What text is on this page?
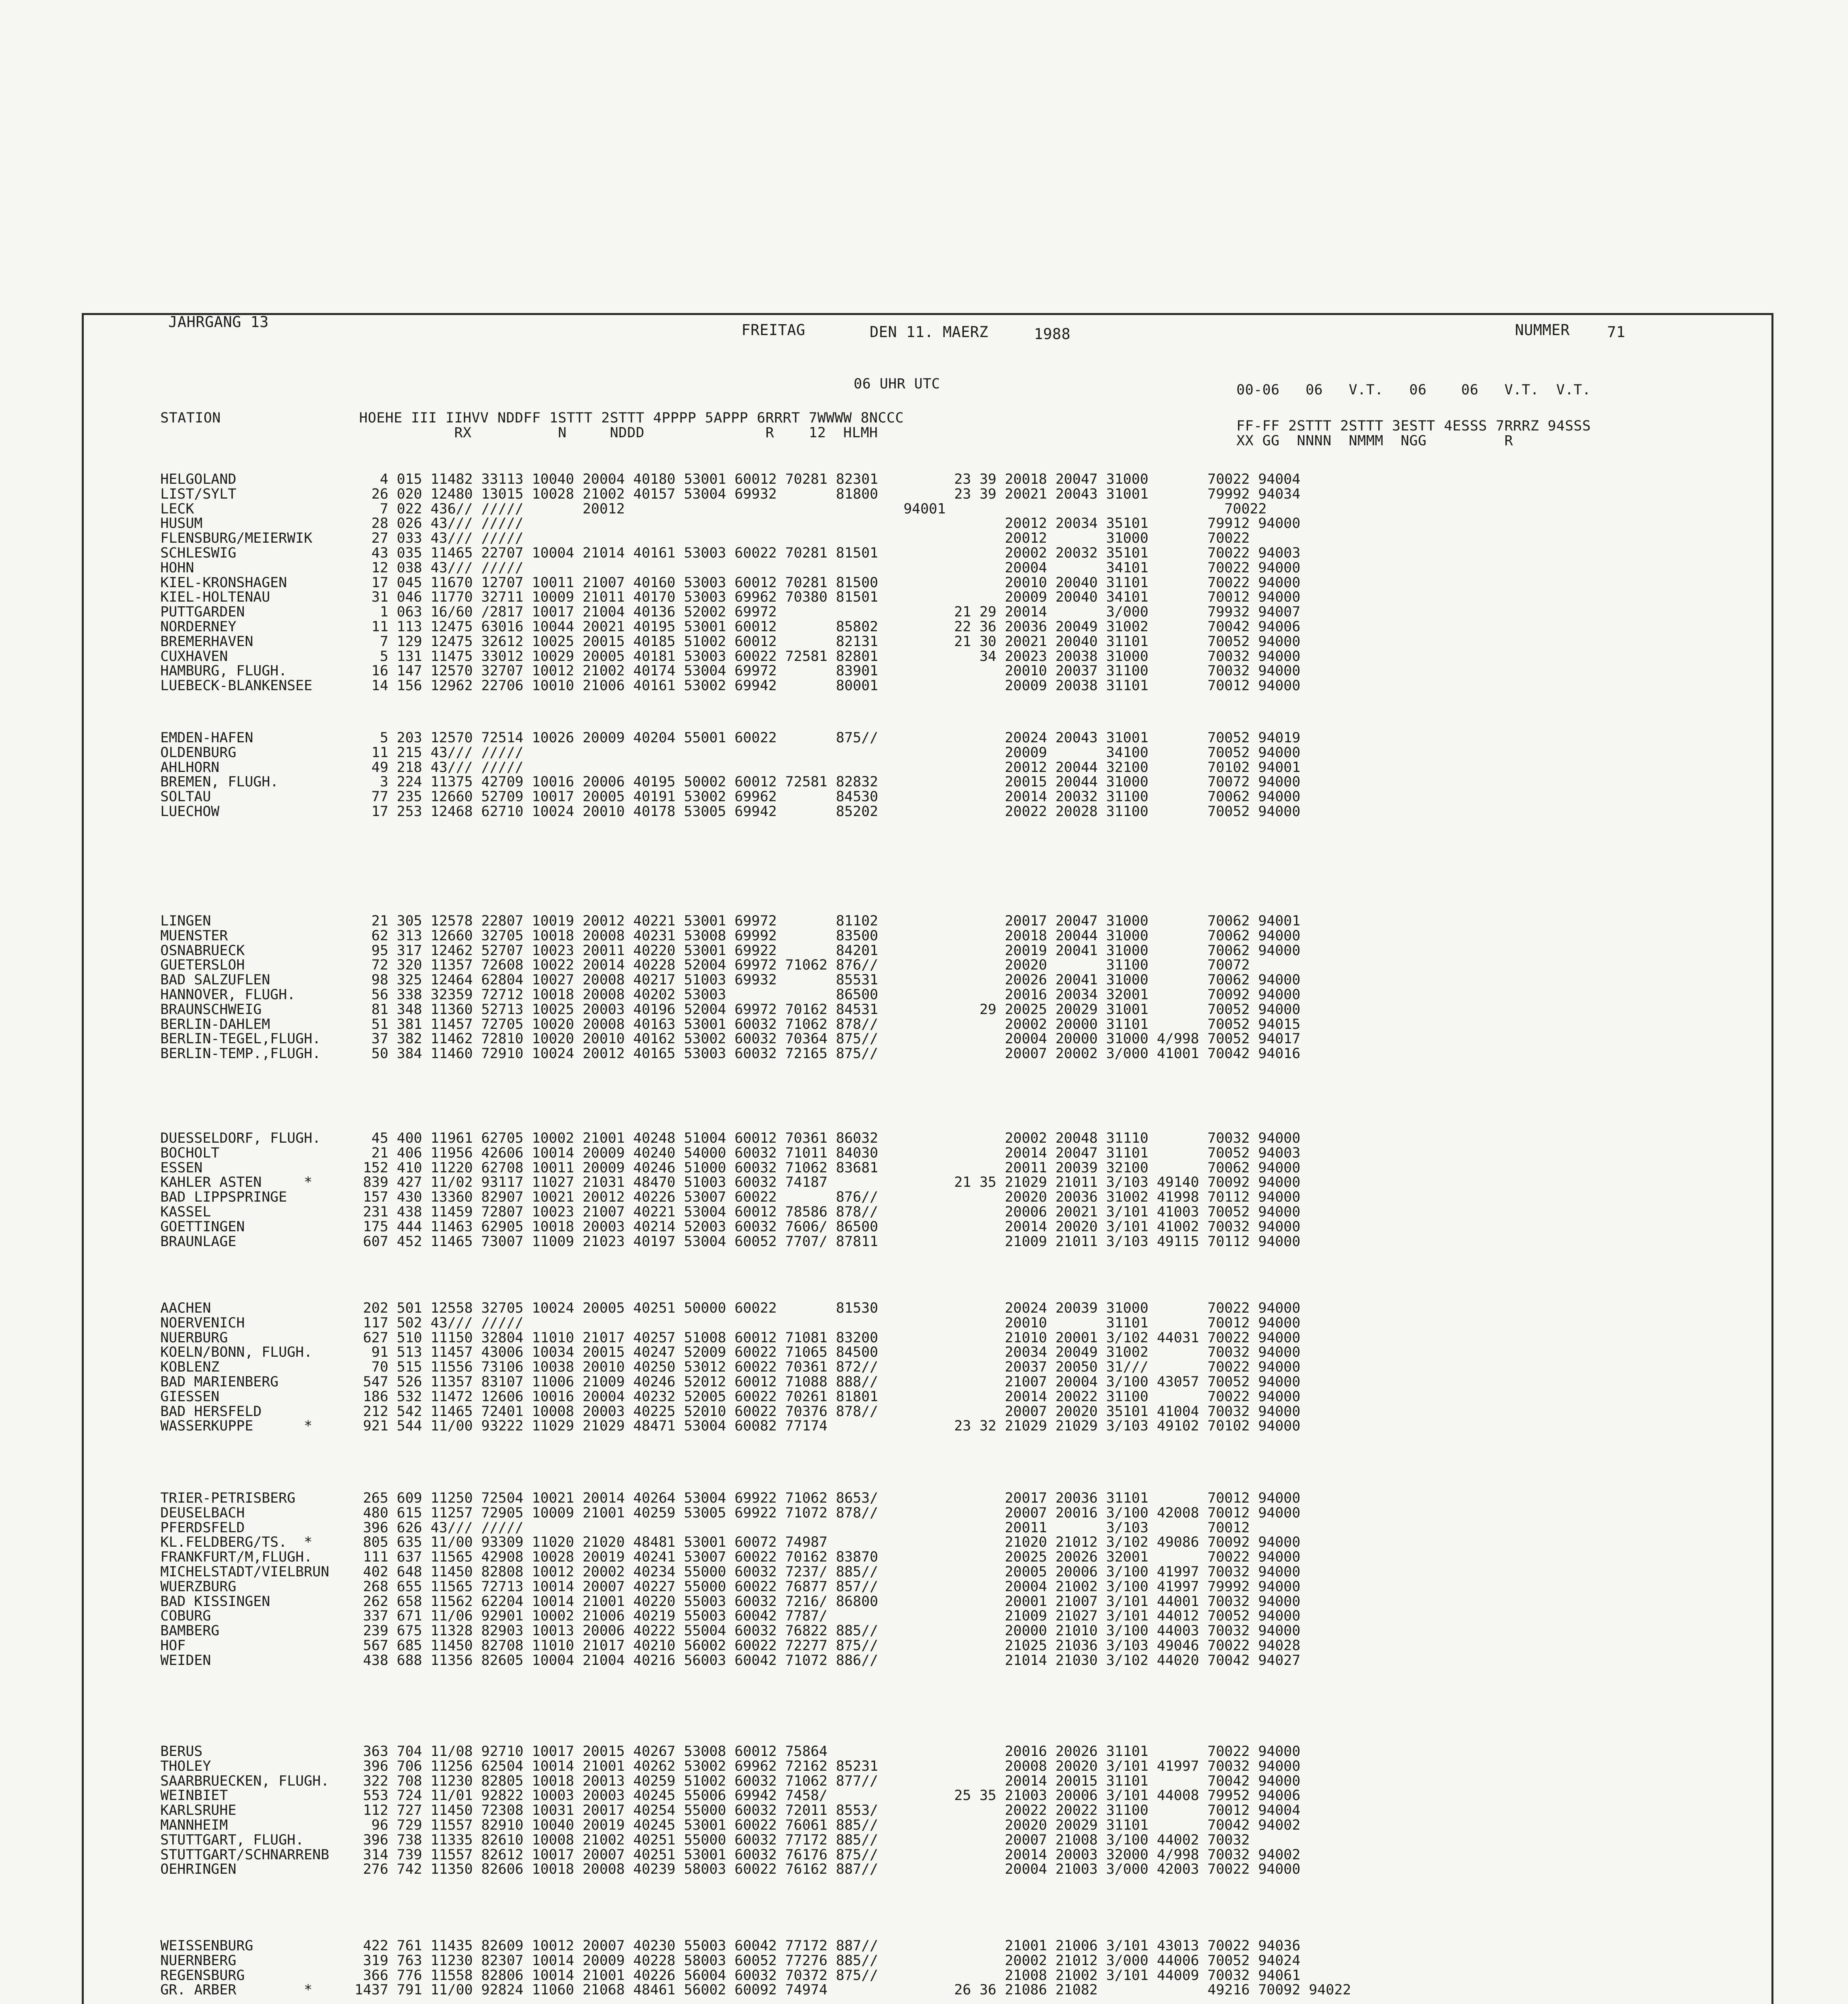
JAHRGANG 13	FREITAG	DEN 11. MAERZ	1988	NUMMER	71
06 UHR UTC	00-06   06   V.T.   06    06   V.T.  V.T.
STATION                HOEHE III IIHVV NDDFF 1STTT 2STTT 4PPPP 5APPP 6RRRT 7WWWW 8NCCC	FF-FF 2STTT 2STTT 3ESTT 4ESSS 7RRRZ 94SSS
RX          N     NDDD              R    12  HLMH	XX GG  NNNN  NMMM  NGG         R
HELGOLAND                 4 015 11482 33113 10040 20004 40180 53001 60012 70281 82301         23 39 20018 20047 31000       70022 94004
LIST/SYLT                26 020 12480 13015 10028 21002 40157 53004 69932       81800         23 39 20021 20043 31001       79992 94034
LECK                      7 022 436// /////       20012                                 94001                                 70022
HUSUM                    28 026 43/// /////                                                         20012 20034 35101       79912 94000
FLENSBURG/MEIERWIK       27 033 43/// /////                                                         20012       31000       70022
SCHLESWIG                43 035 11465 22707 10004 21014 40161 53003 60022 70281 81501               20002 20032 35101       70022 94003
HOHN                     12 038 43/// /////                                                         20004       34101       70022 94000
KIEL-KRONSHAGEN          17 045 11670 12707 10011 21007 40160 53003 60012 70281 81500               20010 20040 31101       70022 94000
KIEL-HOLTENAU            31 046 11770 32711 10009 21011 40170 53003 69962 70380 81501               20009 20040 34101       70012 94000
PUTTGARDEN                1 063 16/60 /2817 10017 21004 40136 52002 69972                     21 29 20014       3/000       79932 94007
NORDERNEY                11 113 12475 63016 10044 20021 40195 53001 60012       85802         22 36 20036 20049 31002       70042 94006
BREMERHAVEN               7 129 12475 32612 10025 20015 40185 51002 60012       82131         21 30 20021 20040 31101       70052 94000
CUXHAVEN                  5 131 11475 33012 10029 20005 40181 53003 60022 72581 82801            34 20023 20038 31000       70032 94000
HAMBURG, FLUGH.          16 147 12570 32707 10012 21002 40174 53004 69972       83901               20010 20037 31100       70032 94000
LUEBECK-BLANKENSEE       14 156 12962 22706 10010 21006 40161 53002 69942       80001               20009 20038 31101       70012 94000
EMDEN-HAFEN               5 203 12570 72514 10026 20009 40204 55001 60022       875//               20024 20043 31001       70052 94019
OLDENBURG                11 215 43/// /////                                                         20009       34100       70052 94000
AHLHORN                  49 218 43/// /////                                                         20012 20044 32100       70102 94001
BREMEN, FLUGH.            3 224 11375 42709 10016 20006 40195 50002 60012 72581 82832               20015 20044 31000       70072 94000
SOLTAU                   77 235 12660 52709 10017 20005 40191 53002 69962       84530               20014 20032 31100       70062 94000
LUECHOW                  17 253 12468 62710 10024 20010 40178 53005 69942       85202               20022 20028 31100       70052 94000
LINGEN                   21 305 12578 22807 10019 20012 40221 53001 69972       81102               20017 20047 31000       70062 94001
MUENSTER                 62 313 12660 32705 10018 20008 40231 53008 69992       83500               20018 20044 31000       70062 94000
OSNABRUECK               95 317 12462 52707 10023 20011 40220 53001 69922       84201               20019 20041 31000       70062 94000
GUETERSLOH               72 320 11357 72608 10022 20014 40228 52004 69972 71062 876//               20020       31100       70072
BAD SALZUFLEN            98 325 12464 62804 10027 20008 40217 51003 69932       85531               20026 20041 31000       70062 94000
HANNOVER, FLUGH.         56 338 32359 72712 10018 20008 40202 53003             86500               20016 20034 32001       70092 94000
BRAUNSCHWEIG             81 348 11360 52713 10025 20003 40196 52004 69972 70162 84531            29 20025 20029 31001       70052 94000
BERLIN-DAHLEM            51 381 11457 72705 10020 20008 40163 53001 60032 71062 878//               20002 20000 31101       70052 94015
BERLIN-TEGEL,FLUGH.      37 382 11462 72810 10020 20010 40162 53002 60032 70364 875//               20004 20000 31000 4/998 70052 94017
BERLIN-TEMP.,FLUGH.      50 384 11460 72910 10024 20012 40165 53003 60032 72165 875//               20007 20002 3/000 41001 70042 94016
DUESSELDORF, FLUGH.      45 400 11961 62705 10002 21001 40248 51004 60012 70361 86032               20002 20048 31110       70032 94000
BOCHOLT                  21 406 11956 42606 10014 20009 40240 54000 60032 71011 84030               20014 20047 31101       70052 94003
ESSEN                   152 410 11220 62708 10011 20009 40246 51000 60032 71062 83681               20011 20039 32100       70062 94000
KAHLER ASTEN     *      839 427 11/02 93117 11027 21031 48470 51003 60032 74187               21 35 21029 21011 3/103 49140 70092 94000
BAD LIPPSPRINGE         157 430 13360 82907 10021 20012 40226 53007 60022       876//               20020 20036 31002 41998 70112 94000
KASSEL                  231 438 11459 72807 10023 21007 40221 53004 60012 78586 878//               20006 20021 3/101 41003 70052 94000
GOETTINGEN              175 444 11463 62905 10018 20003 40214 52003 60032 7606/ 86500               20014 20020 3/101 41002 70032 94000
BRAUNLAGE               607 452 11465 73007 11009 21023 40197 53004 60052 7707/ 87811               21009 21011 3/103 49115 70112 94000
AACHEN                  202 501 12558 32705 10024 20005 40251 50000 60022       81530               20024 20039 31000       70022 94000
NOERVENICH              117 502 43/// /////                                                         20010       31101       70012 94000
NUERBURG                627 510 11150 32804 11010 21017 40257 51008 60012 71081 83200               21010 20001 3/102 44031 70022 94000
KOELN/BONN, FLUGH.       91 513 11457 43006 10034 20015 40247 52009 60022 71065 84500               20034 20049 31002       70032 94000
KOBLENZ                  70 515 11556 73106 10038 20010 40250 53012 60022 70361 872//               20037 20050 31///       70022 94000
BAD MARIENBERG          547 526 11357 83107 11006 21009 40246 52012 60012 71088 888//               21007 20004 3/100 43057 70052 94000
GIESSEN                 186 532 11472 12606 10016 20004 40232 52005 60022 70261 81801               20014 20022 31100       70022 94000
BAD HERSFELD            212 542 11465 72401 10008 20003 40225 52010 60022 70376 878//               20007 20020 35101 41004 70032 94000
WASSERKUPPE      *      921 544 11/00 93222 11029 21029 48471 53004 60082 77174               23 32 21029 21029 3/103 49102 70102 94000
TRIER-PETRISBERG        265 609 11250 72504 10021 20014 40264 53004 69922 71062 8653/               20017 20036 31101       70012 94000
DEUSELBACH              480 615 11257 72905 10009 21001 40259 53005 69922 71072 878//               20007 20016 3/100 42008 70012 94000
PFERDSFELD              396 626 43/// /////                                                         20011       3/103       70012
KL.FELDBERG/TS.  *      805 635 11/00 93309 11020 21020 48481 53001 60072 74987                     21020 21012 3/102 49086 70092 94000
FRANKFURT/M,FLUGH.      111 637 11565 42908 10028 20019 40241 53007 60022 70162 83870               20025 20026 32001       70022 94000
MICHELSTADT/VIELBRUN    402 648 11450 82808 10012 20002 40234 55000 60032 7237/ 885//               20005 20006 3/100 41997 70032 94000
WUERZBURG               268 655 11565 72713 10014 20007 40227 55000 60022 76877 857//               20004 21002 3/100 41997 79992 94000
BAD KISSINGEN           262 658 11562 62204 10014 21001 40220 55003 60032 7216/ 86800               20001 21007 3/101 44001 70032 94000
COBURG                  337 671 11/06 92901 10002 21006 40219 55003 60042 7787/                     21009 21027 3/101 44012 70052 94000
BAMBERG                 239 675 11328 82903 10013 20006 40222 55004 60032 76822 885//               20000 21010 3/100 44003 70032 94000
HOF                     567 685 11450 82708 11010 21017 40210 56002 60022 72277 875//               21025 21036 3/103 49046 70022 94028
WEIDEN                  438 688 11356 82605 10004 21004 40216 56003 60042 71072 886//               21014 21030 3/102 44020 70042 94027
BERUS                   363 704 11/08 92710 10017 20015 40267 53008 60012 75864                     20016 20026 31101       70022 94000
THOLEY                  396 706 11256 62504 10014 21001 40262 53002 69962 72162 85231               20008 20020 3/101 41997 70032 94000
SAARBRUECKEN, FLUGH.    322 708 11230 82805 10018 20013 40259 51002 60032 71062 877//               20014 20015 31101       70042 94000
WEINBIET                553 724 11/01 92822 10003 20003 40245 55006 69942 7458/               25 35 21003 20006 3/101 44008 79952 94006
KARLSRUHE               112 727 11450 72308 10031 20017 40254 55000 60032 72011 8553/               20022 20022 31100       70012 94004
MANNHEIM                 96 729 11557 82910 10040 20019 40245 53001 60022 76061 885//               20020 20029 31101       70042 94002
STUTTGART, FLUGH.       396 738 11335 82610 10008 21002 40251 55000 60032 77172 885//               20007 21008 3/100 44002 70032
STUTTGART/SCHNARRENB    314 739 11557 82612 10017 20007 40251 53001 60032 76176 875//               20014 20003 32000 4/998 70032 94002
OEHRINGEN               276 742 11350 82606 10018 20008 40239 58003 60022 76162 887//               20004 21003 3/000 42003 70022 94000
WEISSENBURG             422 761 11435 82609 10012 20007 40230 55003 60042 77172 887//               21001 21006 3/101 43013 70022 94036
NUERNBERG               319 763 11230 82307 10014 20009 40228 58003 60052 77276 885//               20002 21012 3/000 44006 70052 94024
REGENSBURG              366 776 11558 82806 10014 21001 40226 56004 60032 70372 875//               21008 21002 3/101 44009 70032 94061
GR. ARBER        *     1437 791 11/00 92824 11060 21068 48461 56002 60092 74974               26 36 21086 21082             49216 70092 94022
